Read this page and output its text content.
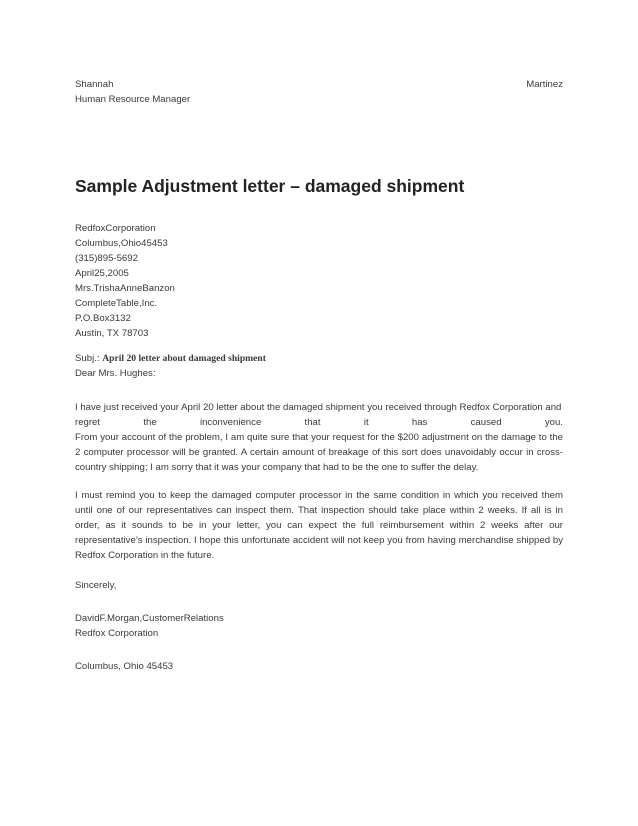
Shannah	Martinez
Human Resource Manager
Sample Adjustment letter – damaged shipment
RedfoxCorporation
Columbus,Ohio45453
(315)895-5692
April25,2005
Mrs.TrishaAnneBanzon
CompleteTable,Inc.
P.O.Box3132
Austin, TX 78703
Subj.: April 20 letter about damaged shipment
Dear Mrs. Hughes:
I have just received your April 20 letter about the damaged shipment you received through Redfox Corporation and
regret	the	inconvenience	that	it	has	caused	you.
From your account of the problem, I am quite sure that your request for the $200 adjustment on the damage to the 2 computer processor will be granted. A certain amount of breakage of this sort does unavoidably occur in cross-country shipping; I am sorry that it was your company that had to be the one to suffer the delay.
I must remind you to keep the damaged computer processor in the same condition in which you received them until one of our representatives can inspect them. That inspection should take place within 2 weeks. If all is in order, as it sounds to be in your letter, you can expect the full reimbursement within 2 weeks after our representative’s inspection. I hope this unfortunate accident will not keep you from having merchandise shipped by Redfox Corporation in the future.
Sincerely,
DavidF.Morgan,CustomerRelations
Redfox Corporation
Columbus, Ohio 45453
